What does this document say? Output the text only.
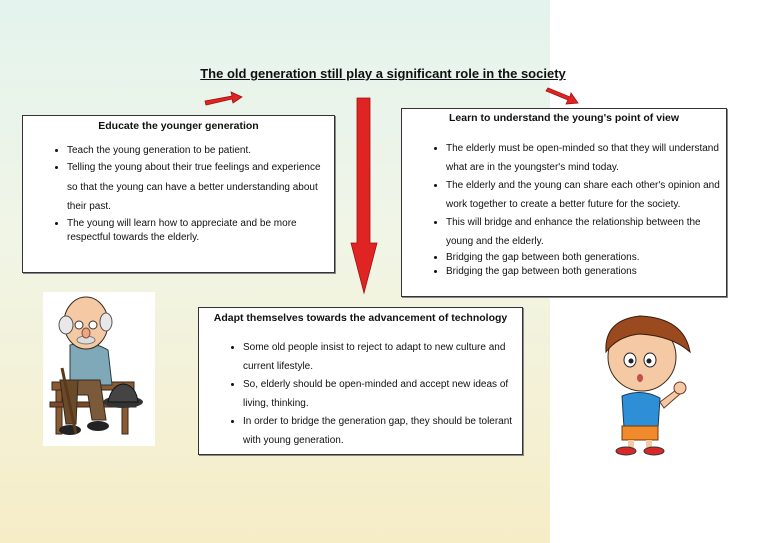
The old generation still play a significant role in the society
Educate the younger generation
• Teach the young generation to be patient.
• Telling the young about their true feelings and experience so that the young can have a better understanding about their past.
• The young will learn how to appreciate and be more respectful towards the elderly.
Learn to understand the young's point of view
• The elderly must be open-minded so that they will understand what are in the youngster's mind today.
• The elderly and the young can share each other's opinion and work together to create a better future for the society.
• This will bridge and enhance the relationship between the young and the elderly.
• Bridging the gap between both generations.
• Bridging the gap between both generations
Adapt themselves towards the advancement of technology
• Some old people insist to reject to adapt to new culture and current lifestyle.
• So, elderly should be open-minded and accept new ideas of living, thinking.
• In order to bridge the generation gap, they should be tolerant with young generation.
